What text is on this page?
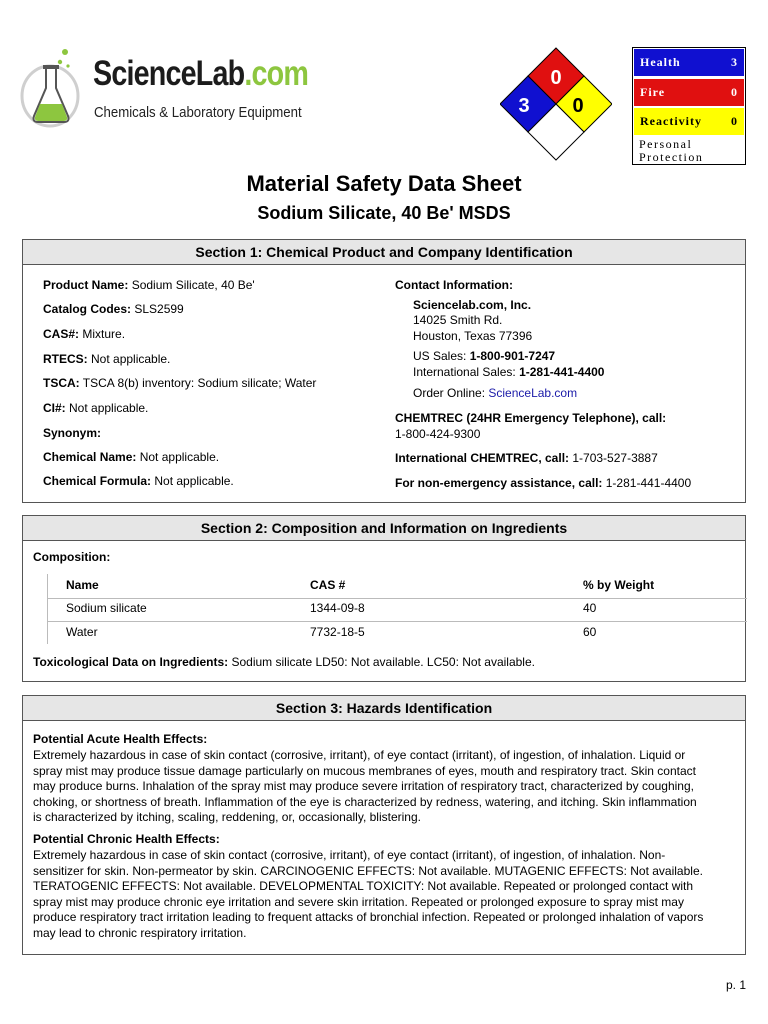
ScienceLab.com
Chemicals & Laboratory Equipment
0
3 0
Health	3
Fire	0
Reactivity 0
Personal
Protection
Material Safety Data Sheet
Sodium Silicate, 40 Be' MSDS
Section 1: Chemical Product and Company Identification
Product Name: Sodium Silicate, 40 Be'
Catalog Codes: SLS2599
CAS#: Mixture.
RTECS: Not applicable.
TSCA: TSCA 8(b) inventory: Sodium silicate; Water
CI#: Not applicable.
Synonym:
Chemical Name: Not applicable.
Chemical Formula: Not applicable.
Contact Information:
Sciencelab.com, Inc.
14025 Smith Rd.
Houston, Texas 77396
US Sales: 1-800-901-7247
International Sales: 1-281-441-4400
Order Online: ScienceLab.com
CHEMTREC (24HR Emergency Telephone), call:
1-800-424-9300
International CHEMTREC, call: 1-703-527-3887
For non-emergency assistance, call: 1-281-441-4400
Section 2: Composition and Information on Ingredients
Composition:
Name	CAS #	% by Weight
Sodium silicate	1344-09-8	40
Water	7732-18-5	60
Toxicological Data on Ingredients: Sodium silicate LD50: Not available. LC50: Not available.
Section 3: Hazards Identification
Potential Acute Health Effects:
Extremely hazardous in case of skin contact (corrosive, irritant), of eye contact (irritant), of ingestion, of inhalation. Liquid or
spray mist may produce tissue damage particularly on mucous membranes of eyes, mouth and respiratory tract. Skin contact
may produce burns. Inhalation of the spray mist may produce severe irritation of respiratory tract, characterized by coughing,
choking, or shortness of breath. Inflammation of the eye is characterized by redness, watering, and itching. Skin inflammation
is characterized by itching, scaling, reddening, or, occasionally, blistering.
Potential Chronic Health Effects:
Extremely hazardous in case of skin contact (corrosive, irritant), of eye contact (irritant), of ingestion, of inhalation. Non-
sensitizer for skin. Non-permeator by skin. CARCINOGENIC EFFECTS: Not available. MUTAGENIC EFFECTS: Not available.
TERATOGENIC EFFECTS: Not available. DEVELOPMENTAL TOXICITY: Not available. Repeated or prolonged contact with
spray mist may produce chronic eye irritation and severe skin irritation. Repeated or prolonged exposure to spray mist may
produce respiratory tract irritation leading to frequent attacks of bronchial infection. Repeated or prolonged inhalation of vapors
may lead to chronic respiratory irritation.
p. 1
